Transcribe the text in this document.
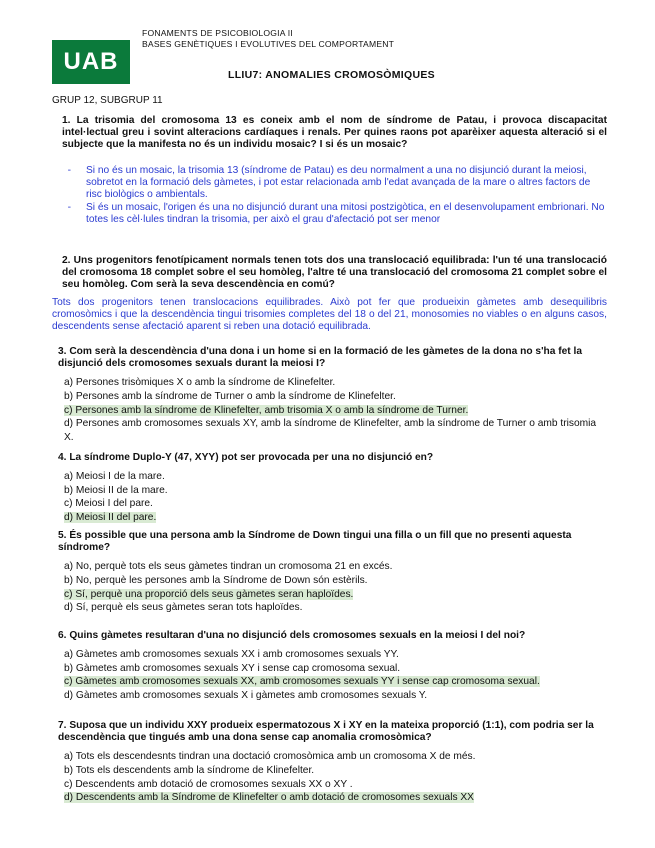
UAB
FONAMENTS DE PSICOBIOLOGIA II
BASES GENÈTIQUES I EVOLUTIVES DEL COMPORTAMENT
LLIU7: ANOMALIES CROMOSÒMIQUES
GRUP 12, SUBGRUP 11
1. La trisomia del cromosoma 13 es coneix amb el nom de síndrome de Patau, i provoca discapacitat intel·lectual greu i sovint alteracions cardíaques i renals. Per quines raons pot aparèixer aquesta alteració si el subjecte que la manifesta no és un individu mosaic? I si és un mosaic?
-	Si no és un mosaic, la trisomia 13 (síndrome de Patau) es deu normalment a una no disjunció durant la meiosi, sobretot en la formació dels gàmetes, i pot estar relacionada amb l'edat avançada de la mare o altres factors de risc biològics o ambientals.
-	Si és un mosaic, l'origen és una no disjunció durant una mitosi postzigòtica, en el desenvolupament embrionari. No totes les cèl·lules tindran la trisomia, per això el grau d'afectació pot ser menor
2. Uns progenitors fenotípicament normals tenen tots dos una translocació equilibrada: l'un té una translocació del cromosoma 18 complet sobre el seu homòleg, l'altre té una translocació del cromosoma 21 complet sobre el seu homòleg. Com serà la seva descendència en comú?
Tots dos progenitors tenen translocacions equilibrades. Això pot fer que produeixin gàmetes amb desequilibris cromosòmics i que la descendència tingui trisomies completes del 18 o del 21, monosomies no viables o en alguns casos, descendents sense afectació aparent si reben una dotació equilibrada.
3. Com serà la descendència d'una dona i un home si en la formació de les gàmetes de la dona no s'ha fet la disjunció dels cromosomes sexuals durant la meiosi I?
a) Persones trisòmiques X o amb la síndrome de Klinefelter.
b) Persones amb la síndrome de Turner o amb la síndrome de Klinefelter.
c) Persones amb la síndrome de Klinefelter, amb trisomia X o amb la síndrome de Turner.
d) Persones amb cromosomes sexuals XY, amb la síndrome de Klinefelter, amb la síndrome de Turner o amb trisomia X.
4. La síndrome Duplo-Y (47, XYY) pot ser provocada per una no disjunció en?
a) Meiosi I de la mare.
b) Meiosi II de la mare.
c) Meiosi I del pare.
d) Meiosi II del pare.
5. És possible que una persona amb la Síndrome de Down tingui una filla o un fill que no presenti aquesta síndrome?
a) No, perquè tots els seus gàmetes tindran un cromosoma 21 en excés.
b) No, perquè les persones amb la Síndrome de Down són estèrils.
c) Sí, perquè una proporció dels seus gàmetes seran haploïdes.
d) Sí, perquè els seus gàmetes seran tots haploïdes.
6. Quins gàmetes resultaran d'una no disjunció dels cromosomes sexuals en la meiosi I del noi?
a) Gàmetes amb cromosomes sexuals XX i amb cromosomes sexuals YY.
b) Gàmetes amb cromosomes sexuals XY i sense cap cromosoma sexual.
c) Gàmetes amb cromosomes sexuals XX, amb cromosomes sexuals YY i sense cap cromosoma sexual.
d) Gàmetes amb cromosomes sexuals X i gàmetes amb cromosomes sexuals Y.
7. Suposa que un individu XXY produeix espermatozous X i XY en la mateixa proporció (1:1), com podria ser la descendència que tingués amb una dona sense cap anomalia cromosòmica?
a) Tots els descendesnts tindran una doctació cromosòmica amb un cromosoma X de més.
b) Tots els descendents amb la síndrome de Klinefelter.
c) Descendents amb dotació de cromosomes sexuals XX o XY .
d) Descendents amb la Síndrome de Klinefelter o amb dotació de cromosomes sexuals XX
